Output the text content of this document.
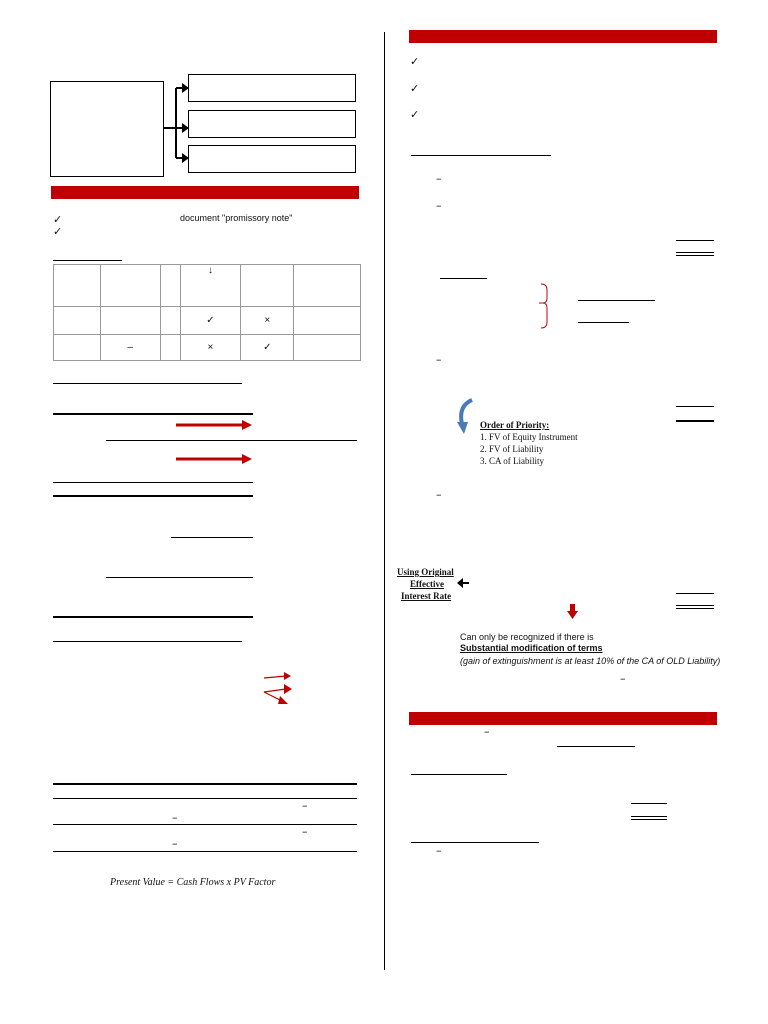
✓	document "promissory note"
✓
			↓		
			✓	×	
	–		×	✓	
–
–
–
–
Present Value = Cash Flows x PV Factor
✓
✓
✓
–
–
–
Order of Priority:
1. FV of Equity Instrument
2. FV of Liability
3. CA of Liability
–
Using Original
Effective
Interest Rate
Can only be recognized if there is
Substantial modification of terms
(gain of extinguishment is at least 10% of the CA of OLD Liability)
–
–
–
